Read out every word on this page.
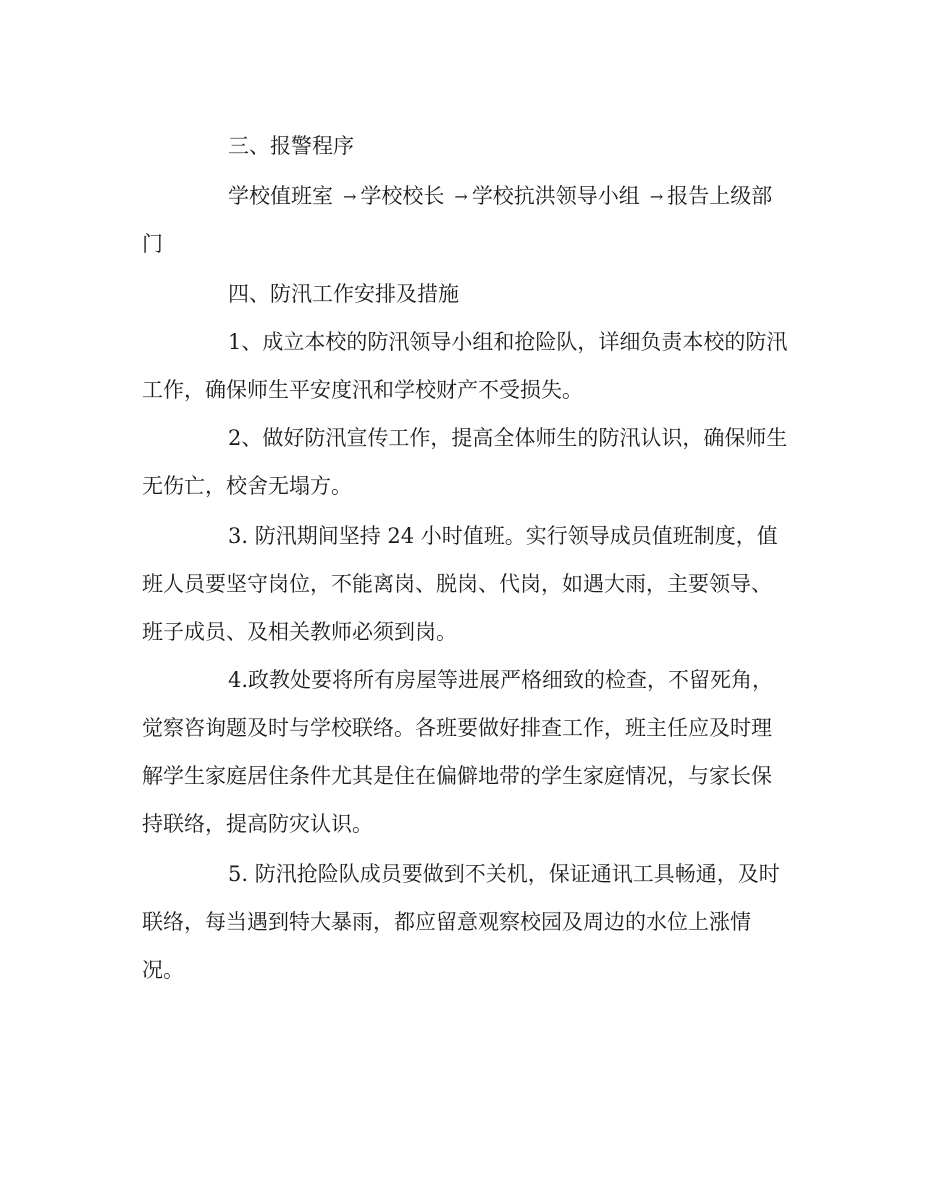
三、报警程序
学校值班室 → 学校校长 → 学校抗洪领导小组 → 报告上级部
门
四、防汛工作安排及措施
1、成立本校的防汛领导小组和抢险队，详细负责本校的防汛
工作，确保师生平安度汛和学校财产不受损失。
2、做好防汛宣传工作，提高全体师生的防汛认识，确保师生
无伤亡，校舍无塌方。
3. 防汛期间坚持 24 小时值班。实行领导成员值班制度，值
班人员要坚守岗位，不能离岗、脱岗、代岗，如遇大雨，主要领导、
班子成员、及相关教师必须到岗。
4.政教处要将所有房屋等进展严格细致的检查，不留死角，
觉察咨询题及时与学校联络。各班要做好排查工作，班主任应及时理
解学生家庭居住条件尤其是住在偏僻地带的学生家庭情况，与家长保
持联络，提高防灾认识。
5. 防汛抢险队成员要做到不关机，保证通讯工具畅通，及时
联络，每当遇到特大暴雨，都应留意观察校园及周边的水位上涨情
况。
